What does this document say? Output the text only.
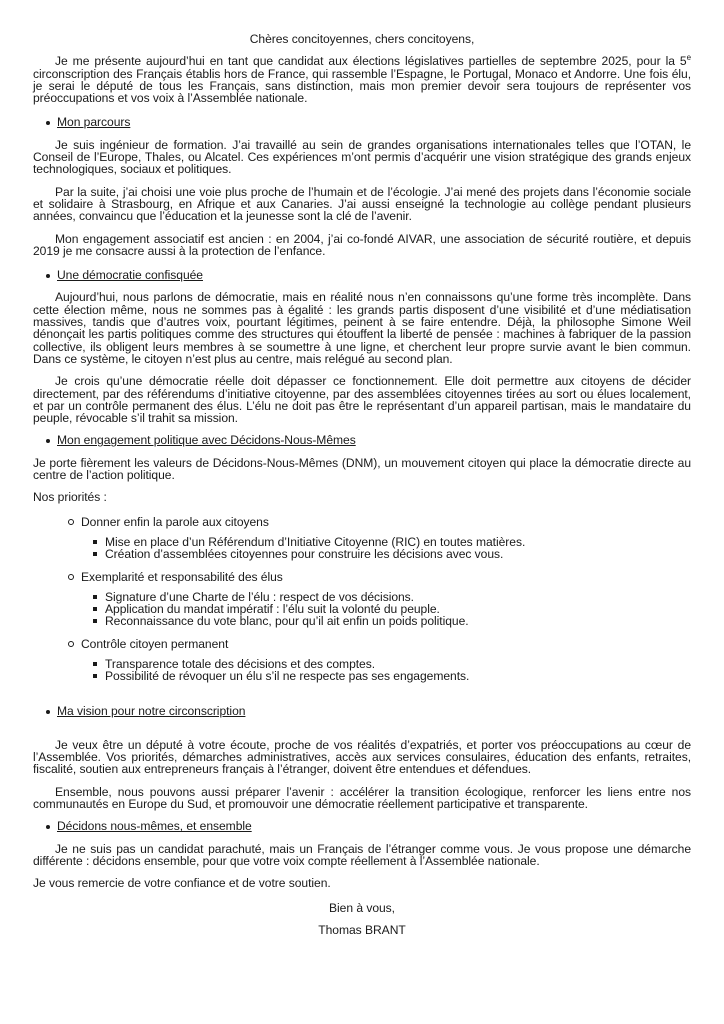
Chères concitoyennes, chers concitoyens,

Je me présente aujourd’hui en tant que candidat aux élections législatives partielles de septembre 2025, pour la 5e circonscription des Français établis hors de France, qui rassemble l’Espagne, le Portugal, Monaco et Andorre. Une fois élu, je serai le député de tous les Français, sans distinction, mais mon premier devoir sera toujours de représenter vos préoccupations et vos voix à l’Assemblée nationale.

Mon parcours

Je suis ingénieur de formation. J’ai travaillé au sein de grandes organisations internationales telles que l’OTAN, le Conseil de l’Europe, Thales, ou Alcatel. Ces expériences m’ont permis d’acquérir une vision stratégique des grands enjeux technologiques, sociaux et politiques.

Par la suite, j’ai choisi une voie plus proche de l’humain et de l’écologie. J’ai mené des projets dans l’économie sociale et solidaire à Strasbourg, en Afrique et aux Canaries. J’ai aussi enseigné la technologie au collège pendant plusieurs années, convaincu que l’éducation et la jeunesse sont la clé de l’avenir.

Mon engagement associatif est ancien : en 2004, j’ai co-fondé AIVAR, une association de sécurité routière, et depuis 2019 je me consacre aussi à la protection de l’enfance.

Une démocratie confisquée

Aujourd’hui, nous parlons de démocratie, mais en réalité nous n’en connaissons qu’une forme très incomplète. Dans cette élection même, nous ne sommes pas à égalité : les grands partis disposent d’une visibilité et d’une médiatisation massives, tandis que d’autres voix, pourtant légitimes, peinent à se faire entendre. Déjà, la philosophe Simone Weil dénonçait les partis politiques comme des structures qui étouffent la liberté de pensée : machines à fabriquer de la passion collective, ils obligent leurs membres à se soumettre à une ligne, et cherchent leur propre survie avant le bien commun. Dans ce système, le citoyen n’est plus au centre, mais relégué au second plan.

Je crois qu’une démocratie réelle doit dépasser ce fonctionnement. Elle doit permettre aux citoyens de décider directement, par des référendums d’initiative citoyenne, par des assemblées citoyennes tirées au sort ou élues localement, et par un contrôle permanent des élus. L’élu ne doit pas être le représentant d’un appareil partisan, mais le mandataire du peuple, révocable s’il trahit sa mission.

Mon engagement politique avec Décidons-Nous-Mêmes

Je porte fièrement les valeurs de Décidons-Nous-Mêmes (DNM), un mouvement citoyen qui place la démocratie directe au centre de l’action politique.

Nos priorités :

Donner enfin la parole aux citoyens
Mise en place d’un Référendum d’Initiative Citoyenne (RIC) en toutes matières.
Création d’assemblées citoyennes pour construire les décisions avec vous.
Exemplarité et responsabilité des élus
Signature d’une Charte de l’élu : respect de vos décisions.
Application du mandat impératif : l’élu suit la volonté du peuple.
Reconnaissance du vote blanc, pour qu’il ait enfin un poids politique.
Contrôle citoyen permanent
Transparence totale des décisions et des comptes.
Possibilité de révoquer un élu s’il ne respecte pas ses engagements.
Ma vision pour notre circonscription

Je veux être un député à votre écoute, proche de vos réalités d’expatriés, et porter vos préoccupations au cœur de l’Assemblée. Vos priorités, démarches administratives, accès aux services consulaires, éducation des enfants, retraites, fiscalité, soutien aux entrepreneurs français à l’étranger, doivent être entendues et défendues.

Ensemble, nous pouvons aussi préparer l’avenir : accélérer la transition écologique, renforcer les liens entre nos communautés en Europe du Sud, et promouvoir une démocratie réellement participative et transparente.

Décidons nous-mêmes, et ensemble

Je ne suis pas un candidat parachuté, mais un Français de l’étranger comme vous. Je vous propose une démarche différente : décidons ensemble, pour que votre voix compte réellement à l’Assemblée nationale.

Je vous remercie de votre confiance et de votre soutien.

Bien à vous,

Thomas BRANT
